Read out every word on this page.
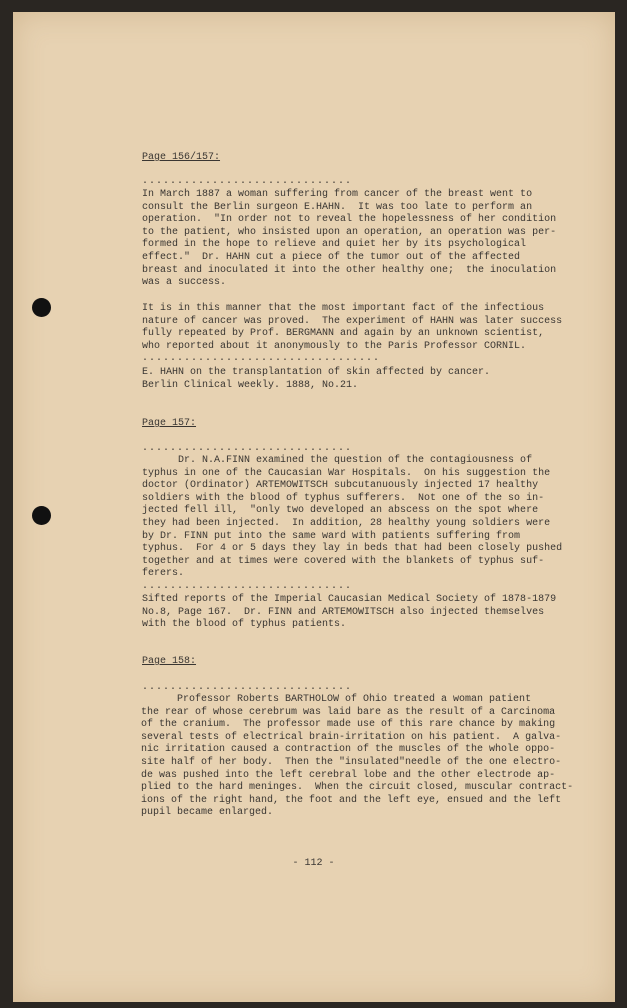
Page 156/157:
..............................
In March 1887 a woman suffering from cancer of the breast went to
consult the Berlin surgeon E.HAHN.  It was too late to perform an
operation.  "In order not to reveal the hopelessness of her condition
to the patient, who insisted upon an operation, an operation was per-
formed in the hope to relieve and quiet her by its psychological
effect."  Dr. HAHN cut a piece of the tumor out of the affected
breast and inoculated it into the other healthy one;  the inoculation
was a success.
It is in this manner that the most important fact of the infectious
nature of cancer was proved.  The experiment of HAHN was later success
fully repeated by Prof. BERGMANN and again by an unknown scientist,
who reported about it anonymously to the Paris Professor CORNIL.
..................................
E. HAHN on the transplantation of skin affected by cancer.
Berlin Clinical weekly. 1888, No.21.
Page 157:
..............................
Dr. N.A.FINN examined the question of the contagiousness of
typhus in one of the Caucasian War Hospitals.  On his suggestion the
doctor (Ordinator) ARTEMOWITSCH subcutanuously injected 17 healthy
soldiers with the blood of typhus sufferers.  Not one of the so in-
jected fell ill,  "only two developed an abscess on the spot where
they had been injected.  In addition, 28 healthy young soldiers were
by Dr. FINN put into the same ward with patients suffering from
typhus.  For 4 or 5 days they lay in beds that had been closely pushed
together and at times were covered with the blankets of typhus suf-
ferers.
..............................
Sifted reports of the Imperial Caucasian Medical Society of 1878-1879
No.8, Page 167.  Dr. FINN and ARTEMOWITSCH also injected themselves
with the blood of typhus patients.
Page 158:
..............................
Professor Roberts BARTHOLOW of Ohio treated a woman patient
the rear of whose cerebrum was laid bare as the result of a Carcinoma
of the cranium.  The professor made use of this rare chance by making
several tests of electrical brain-irritation on his patient.  A galva-
nic irritation caused a contraction of the muscles of the whole oppo-
site half of her body.  Then the "insulated"needle of the one electro-
de was pushed into the left cerebral lobe and the other electrode ap-
plied to the hard meninges.  When the circuit closed, muscular contract-
ions of the right hand, the foot and the left eye, ensued and the left
pupil became enlarged.
- 112 -
